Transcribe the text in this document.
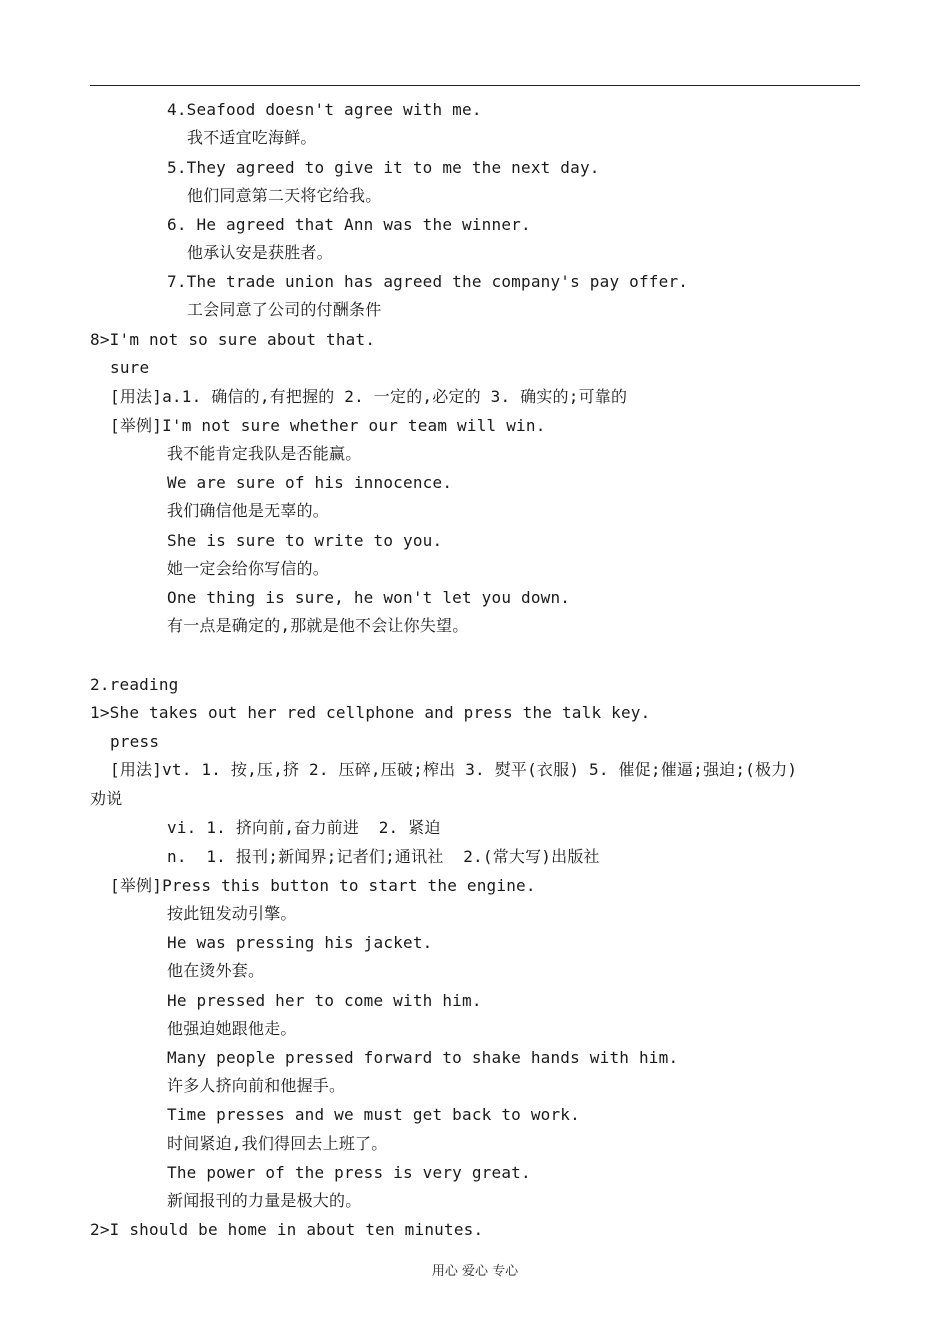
4.Seafood doesn't agree with me.
我不适宜吃海鲜。
5.They agreed to give it to me the next day.
他们同意第二天将它给我。
6. He agreed that Ann was the winner.
他承认安是获胜者。
7.The trade union has agreed the company's pay offer.
工会同意了公司的付酬条件
8>I'm not so sure about that.
sure
[用法]a.1. 确信的,有把握的 2. 一定的,必定的 3. 确实的;可靠的
[举例]I'm not sure whether our team will win.
我不能肯定我队是否能赢。
We are sure of his innocence.
我们确信他是无辜的。
She is sure to write to you.
她一定会给你写信的。
One thing is sure, he won't let you down.
有一点是确定的,那就是他不会让你失望。
2.reading
1>She takes out her red cellphone and press the talk key.
press
[用法]vt. 1. 按,压,挤 2. 压碎,压破;榨出 3. 熨平(衣服) 5. 催促;催逼;强迫;(极力)
劝说
vi. 1. 挤向前,奋力前进  2. 紧迫
n.  1. 报刊;新闻界;记者们;通讯社  2.(常大写)出版社
[举例]Press this button to start the engine.
按此钮发动引擎。
He was pressing his jacket.
他在烫外套。
He pressed her to come with him.
他强迫她跟他走。
Many people pressed forward to shake hands with him.
许多人挤向前和他握手。
Time presses and we must get back to work.
时间紧迫,我们得回去上班了。
The power of the press is very great.
新闻报刊的力量是极大的。
2>I should be home in about ten minutes.
用心 爱心 专心
